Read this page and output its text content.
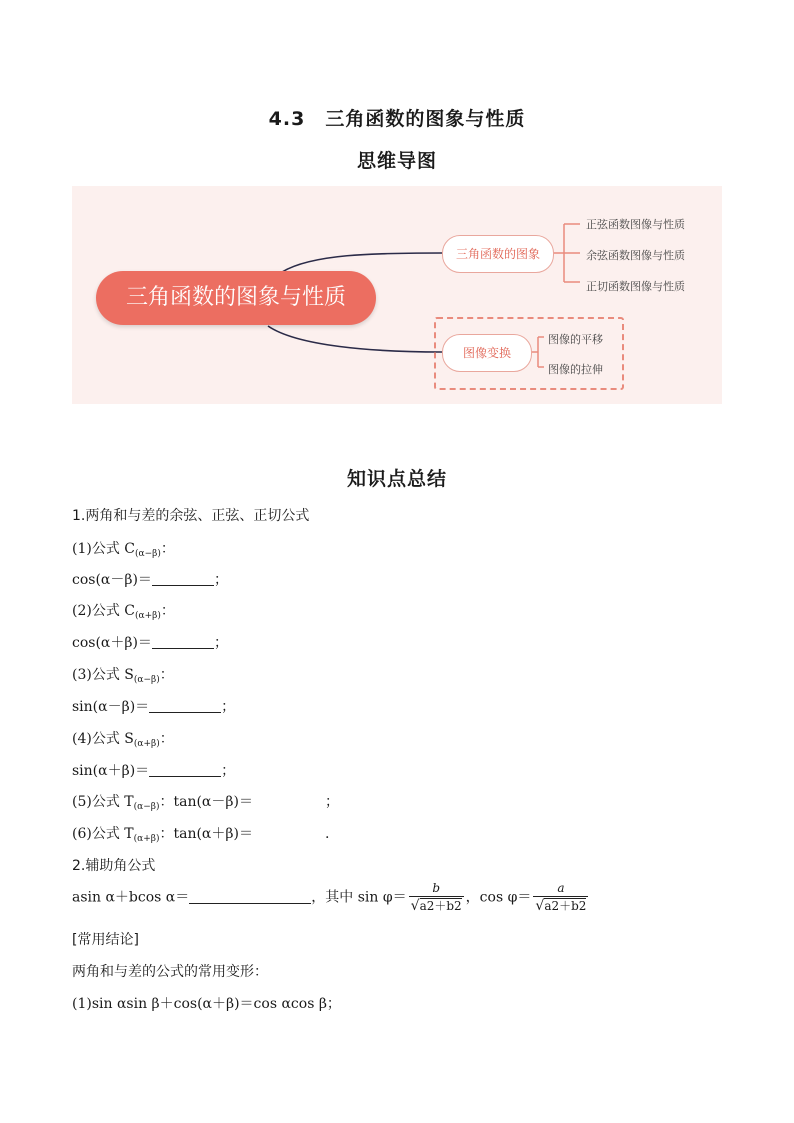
4.3　三角函数的图象与性质
思维导图
三角函数的图象与性质
三角函数的图象
图像变换
正弦函数图像与性质
余弦函数图像与性质
正切函数图像与性质
图像的平移
图像的拉伸
知识点总结
1.两角和与差的余弦、正弦、正切公式
(1)公式 $C_{(\alpha-\beta)}$：
cos(α－β)＝	；
(2)公式 $C_{(\alpha+\beta)}$：
cos(α＋β)＝	；
(3)公式 $S_{(\alpha-\beta)}$：
sin(α－β)＝	；
(4)公式 $S_{(\alpha+\beta)}$：
sin(α＋β)＝	；
(5)公式 $T_{(\alpha-\beta)}$：tan(α－β)＝	；
(6)公式 $T_{(\alpha+\beta)}$：tan(α＋β)＝	.
2.辅助角公式
asin α＋bcos α＝	，其中 $\sin \varphi= \frac{b}{√a2+b2}$ ，$\cos \varphi= \frac{a}{√a2+b2}$
[常用结论]
两角和与差的公式的常用变形：
(1)sin αsin β＋cos(α＋β)＝cos αcos β；
